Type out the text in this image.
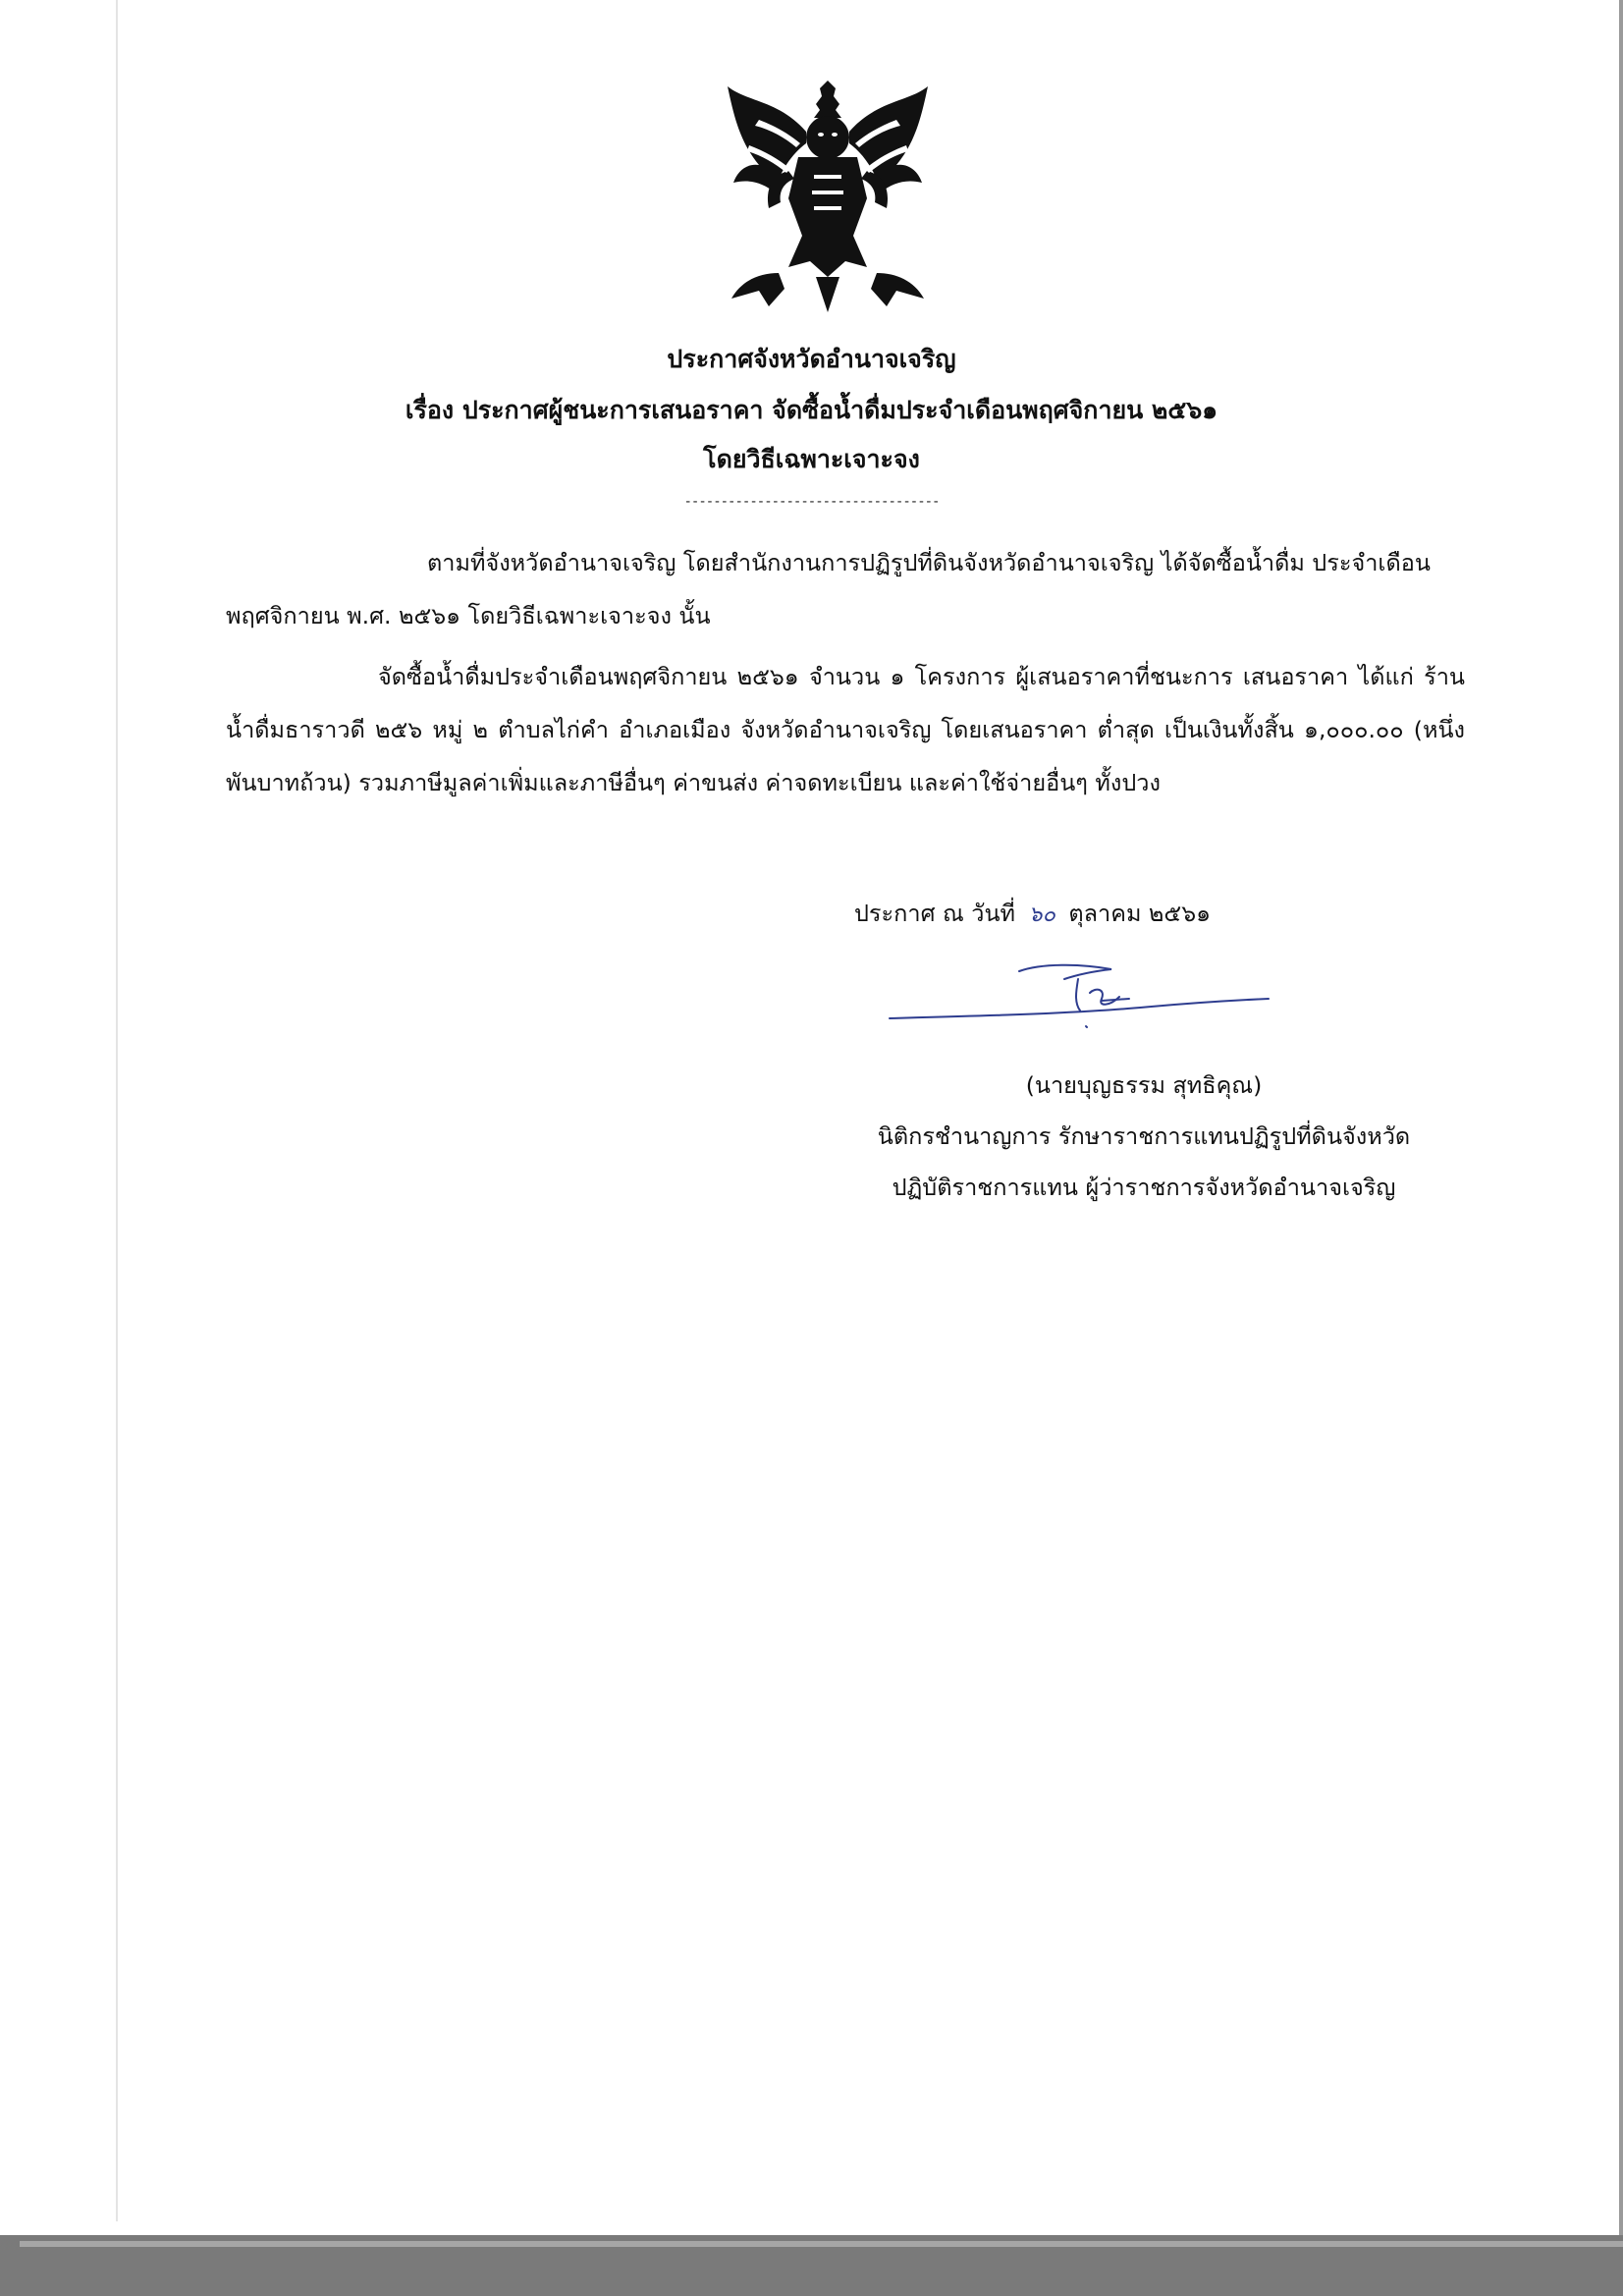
ประกาศจังหวัดอำนาจเจริญ
เรื่อง ประกาศผู้ชนะการเสนอราคา จัดซื้อน้ำดื่มประจำเดือนพฤศจิกายน ๒๕๖๑
โดยวิธีเฉพาะเจาะจง
-----------------------------------
ตามที่จังหวัดอำนาจเจริญ โดยสำนักงานการปฏิรูปที่ดินจังหวัดอำนาจเจริญ ได้จัดซื้อน้ำดื่ม ประจำเดือน พฤศจิกายน พ.ศ. ๒๕๖๑ โดยวิธีเฉพาะเจาะจง นั้น
จัดซื้อน้ำดื่มประจำเดือนพฤศจิกายน ๒๕๖๑ จำนวน ๑ โครงการ ผู้เสนอราคาที่ชนะการ เสนอราคา ได้แก่ ร้าน น้ำดื่มธาราวดี ๒๕๖ หมู่ ๒ ตำบลไก่คำ อำเภอเมือง จังหวัดอำนาจเจริญ โดยเสนอราคา ต่ำสุด เป็นเงินทั้งสิ้น ๑,๐๐๐.๐๐ (หนึ่งพันบาทถ้วน) รวมภาษีมูลค่าเพิ่มและภาษีอื่นๆ ค่าขนส่ง ค่าจดทะเบียน และค่าใช้จ่ายอื่นๆ ทั้งปวง
ประกาศ ณ วันที่ ๖๐ ตุลาคม ๒๕๖๑
(นายบุญธรรม สุทธิคุณ)
นิติกรชำนาญการ รักษาราชการแทนปฏิรูปที่ดินจังหวัด
ปฏิบัติราชการแทน ผู้ว่าราชการจังหวัดอำนาจเจริญ
